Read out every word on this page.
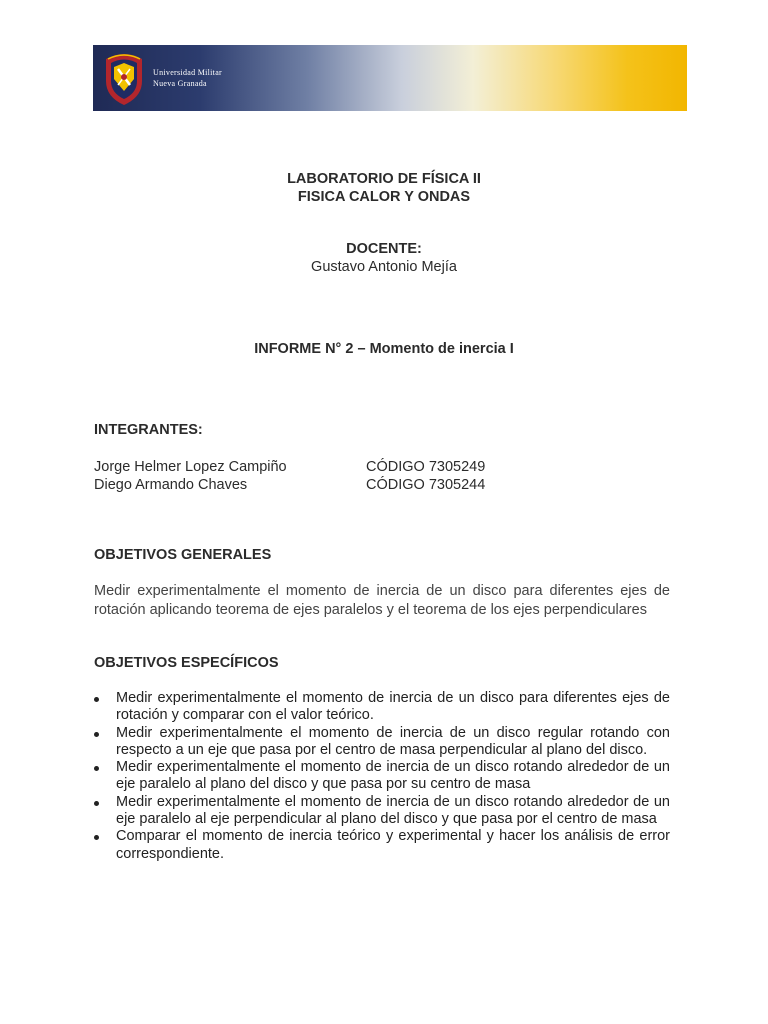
Universidad Militar
Nueva Granada
LABORATORIO DE FÍSICA II
FISICA CALOR Y ONDAS
DOCENTE:
Gustavo Antonio Mejía
INFORME N° 2 – Momento de inercia I
INTEGRANTES:
Jorge Helmer Lopez Campiño	CÓDIGO 7305249
Diego Armando Chaves	CÓDIGO 7305244
OBJETIVOS GENERALES
Medir experimentalmente el momento de inercia de un disco para diferentes ejes de rotación aplicando teorema de ejes paralelos y el teorema de los ejes perpendiculares
OBJETIVOS ESPECÍFICOS
Medir experimentalmente el momento de inercia de un disco para diferentes ejes de rotación y comparar con el valor teórico.
Medir experimentalmente el momento de inercia de un disco regular rotando con respecto a un eje que pasa por el centro de masa perpendicular al plano del disco.
Medir experimentalmente el momento de inercia de un disco rotando alrededor de un eje paralelo al plano del disco y que pasa por su centro de masa
Medir experimentalmente el momento de inercia de un disco rotando alrededor de un eje paralelo al eje perpendicular al plano del disco y que pasa por el centro de masa
Comparar el momento de inercia teórico y experimental y hacer los análisis de error correspondiente.
